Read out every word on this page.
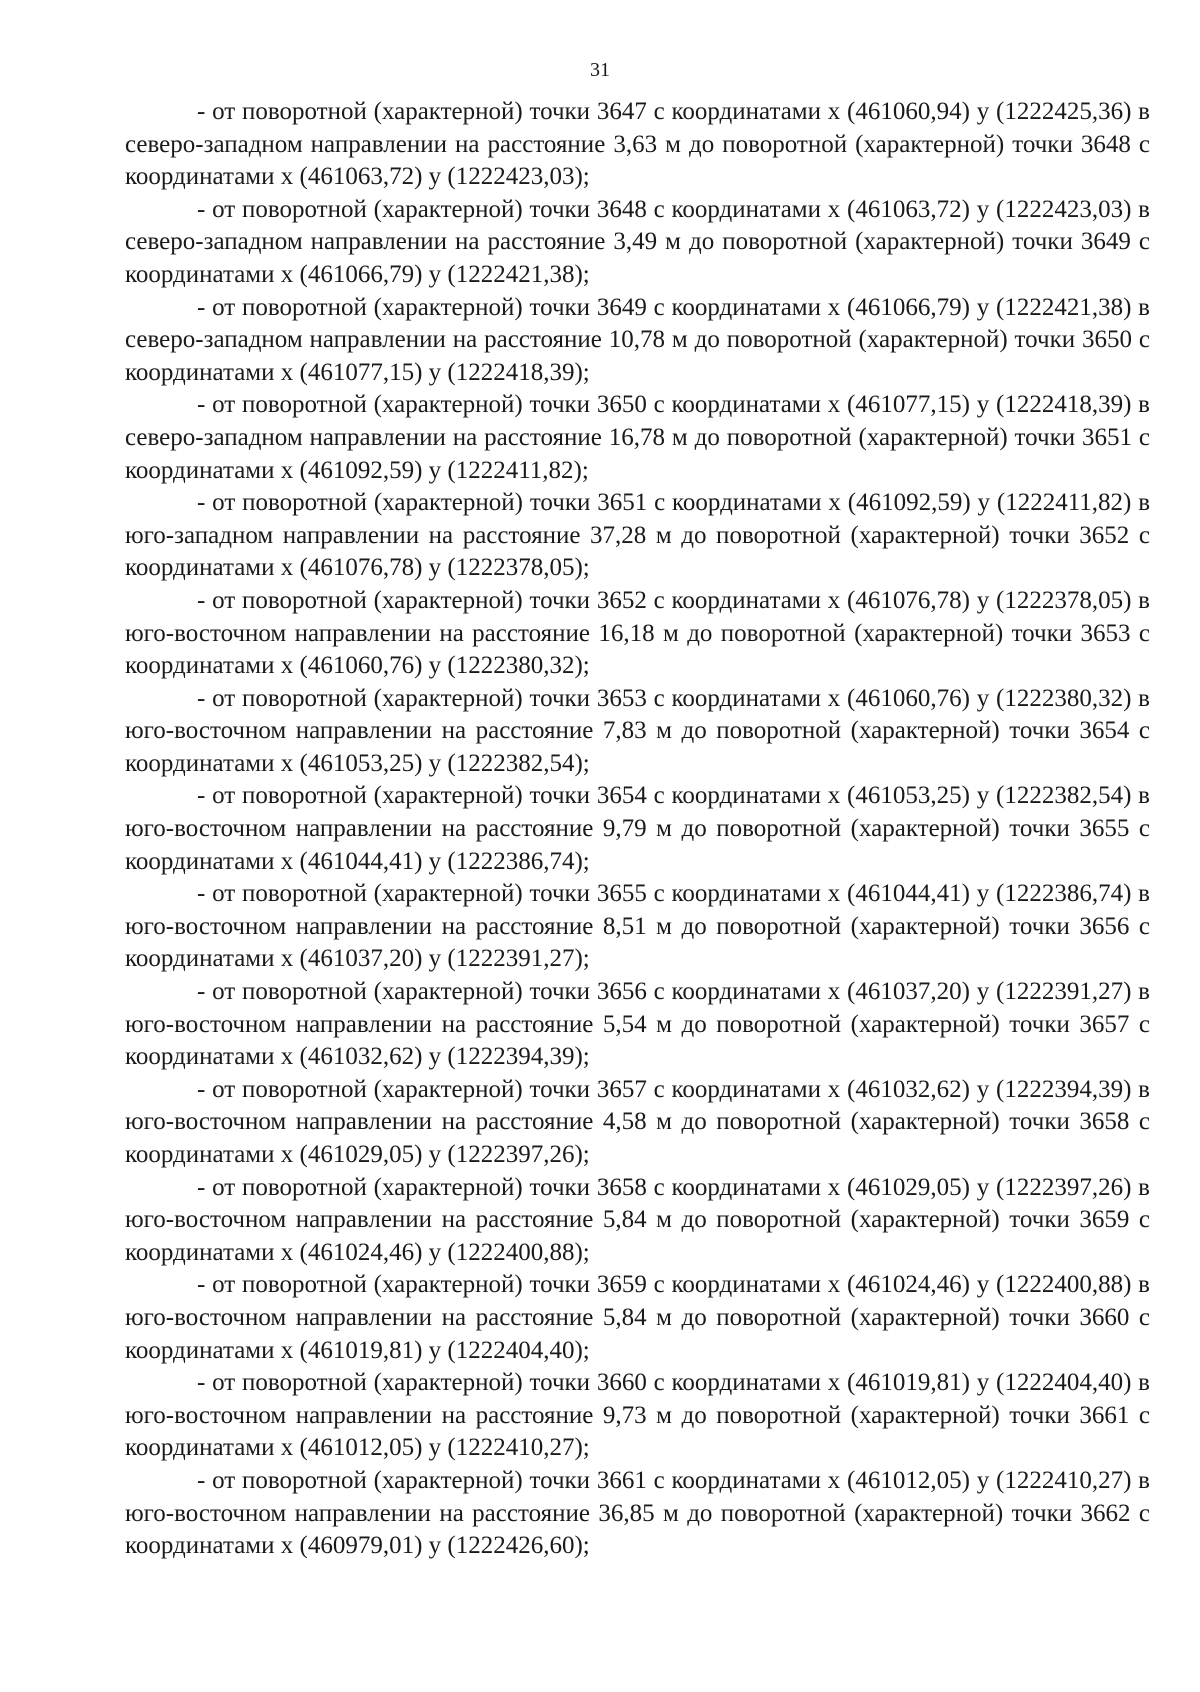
31

- от поворотной (характерной) точки 3647 с координатами x (461060,94) y (1222425,36) в северо-западном направлении на расстояние 3,63 м до поворотной (характерной) точки 3648 с координатами x (461063,72) y (1222423,03);

- от поворотной (характерной) точки 3648 с координатами x (461063,72) y (1222423,03) в северо-западном направлении на расстояние 3,49 м до поворотной (характерной) точки 3649 с координатами x (461066,79) y (1222421,38);

- от поворотной (характерной) точки 3649 с координатами x (461066,79) y (1222421,38) в северо-западном направлении на расстояние 10,78 м до поворотной (характерной) точки 3650 с координатами x (461077,15) y (1222418,39);

- от поворотной (характерной) точки 3650 с координатами x (461077,15) y (1222418,39) в северо-западном направлении на расстояние 16,78 м до поворотной (характерной) точки 3651 с координатами x (461092,59) y (1222411,82);

- от поворотной (характерной) точки 3651 с координатами x (461092,59) y (1222411,82) в юго-западном направлении на расстояние 37,28 м до поворотной (характерной) точки 3652 с координатами x (461076,78) y (1222378,05);

- от поворотной (характерной) точки 3652 с координатами x (461076,78) y (1222378,05) в юго-восточном направлении на расстояние 16,18 м до поворотной (характерной) точки 3653 с координатами x (461060,76) y (1222380,32);

- от поворотной (характерной) точки 3653 с координатами x (461060,76) y (1222380,32) в юго-восточном направлении на расстояние 7,83 м до поворотной (характерной) точки 3654 с координатами x (461053,25) y (1222382,54);

- от поворотной (характерной) точки 3654 с координатами x (461053,25) y (1222382,54) в юго-восточном направлении на расстояние 9,79 м до поворотной (характерной) точки 3655 с координатами x (461044,41) y (1222386,74);

- от поворотной (характерной) точки 3655 с координатами x (461044,41) y (1222386,74) в юго-восточном направлении на расстояние 8,51 м до поворотной (характерной) точки 3656 с координатами x (461037,20) y (1222391,27);

- от поворотной (характерной) точки 3656 с координатами x (461037,20) y (1222391,27) в юго-восточном направлении на расстояние 5,54 м до поворотной (характерной) точки 3657 с координатами x (461032,62) y (1222394,39);

- от поворотной (характерной) точки 3657 с координатами x (461032,62) y (1222394,39) в юго-восточном направлении на расстояние 4,58 м до поворотной (характерной) точки 3658 с координатами x (461029,05) y (1222397,26);

- от поворотной (характерной) точки 3658 с координатами x (461029,05) y (1222397,26) в юго-восточном направлении на расстояние 5,84 м до поворотной (характерной) точки 3659 с координатами x (461024,46) y (1222400,88);

- от поворотной (характерной) точки 3659 с координатами x (461024,46) y (1222400,88) в юго-восточном направлении на расстояние 5,84 м до поворотной (характерной) точки 3660 с координатами x (461019,81) y (1222404,40);

- от поворотной (характерной) точки 3660 с координатами x (461019,81) y (1222404,40) в юго-восточном направлении на расстояние 9,73 м до поворотной (характерной) точки 3661 с координатами x (461012,05) y (1222410,27);

- от поворотной (характерной) точки 3661 с координатами x (461012,05) y (1222410,27) в юго-восточном направлении на расстояние 36,85 м до поворотной (характерной) точки 3662 с координатами x (460979,01) y (1222426,60);
